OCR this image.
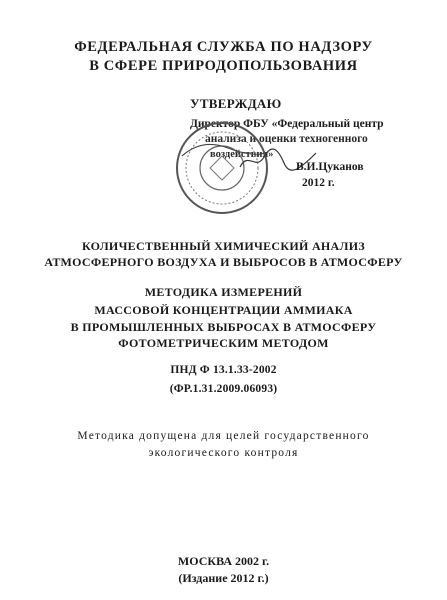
ФЕДЕРАЛЬНАЯ СЛУЖБА ПО НАДЗОРУ
В СФЕРЕ ПРИРОДОПОЛЬЗОВАНИЯ
УТВЕРЖДАЮ
Директор ФБУ «Федеральный центр
анализа и оценки техногенного
воздействия»
В.И.Цуканов
2012 г.
КОЛИЧЕСТВЕННЫЙ ХИМИЧЕСКИЙ АНАЛИЗ
АТМОСФЕРНОГО ВОЗДУХА И ВЫБРОСОВ В АТМОСФЕРУ
МЕТОДИКА ИЗМЕРЕНИЙ
МАССОВОЙ КОНЦЕНТРАЦИИ АММИАКА
В ПРОМЫШЛЕННЫХ ВЫБРОСАХ В АТМОСФЕРУ
ФОТОМЕТРИЧЕСКИМ МЕТОДОМ
ПНД Ф 13.1.33-2002
(ФР.1.31.2009.06093)
Методика допущена для целей государственного
экологического контроля
МОСКВА 2002 г.
(Издание 2012 г.)
